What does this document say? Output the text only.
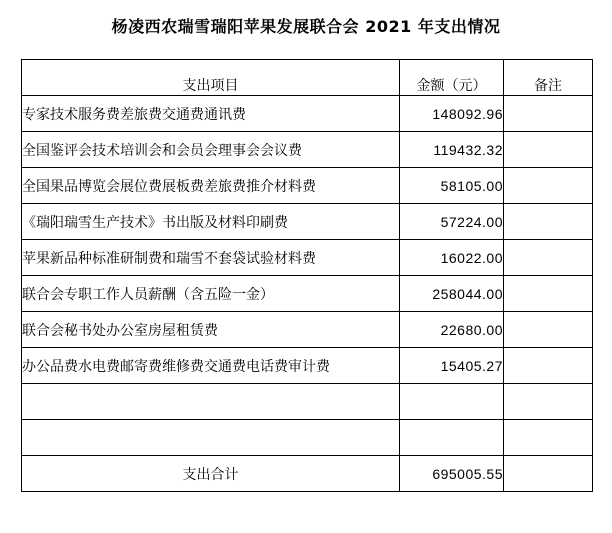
杨凌西农瑞雪瑞阳苹果发展联合会 2021 年支出情况
支出项目	金额（元）	备注
专家技术服务费差旅费交通费通讯费	148092.96	
全国鉴评会技术培训会和会员会理事会会议费	119432.32	
全国果品博览会展位费展板费差旅费推介材料费	58105.00	
《瑞阳瑞雪生产技术》书出版及材料印刷费	57224.00	
苹果新品种标准研制费和瑞雪不套袋试验材料费	16022.00	
联合会专职工作人员薪酬（含五险一金）	258044.00	
联合会秘书处办公室房屋租赁费	22680.00	
办公品费水电费邮寄费维修费交通费电话费审计费	15405.27	

支出合计	695005.55	
